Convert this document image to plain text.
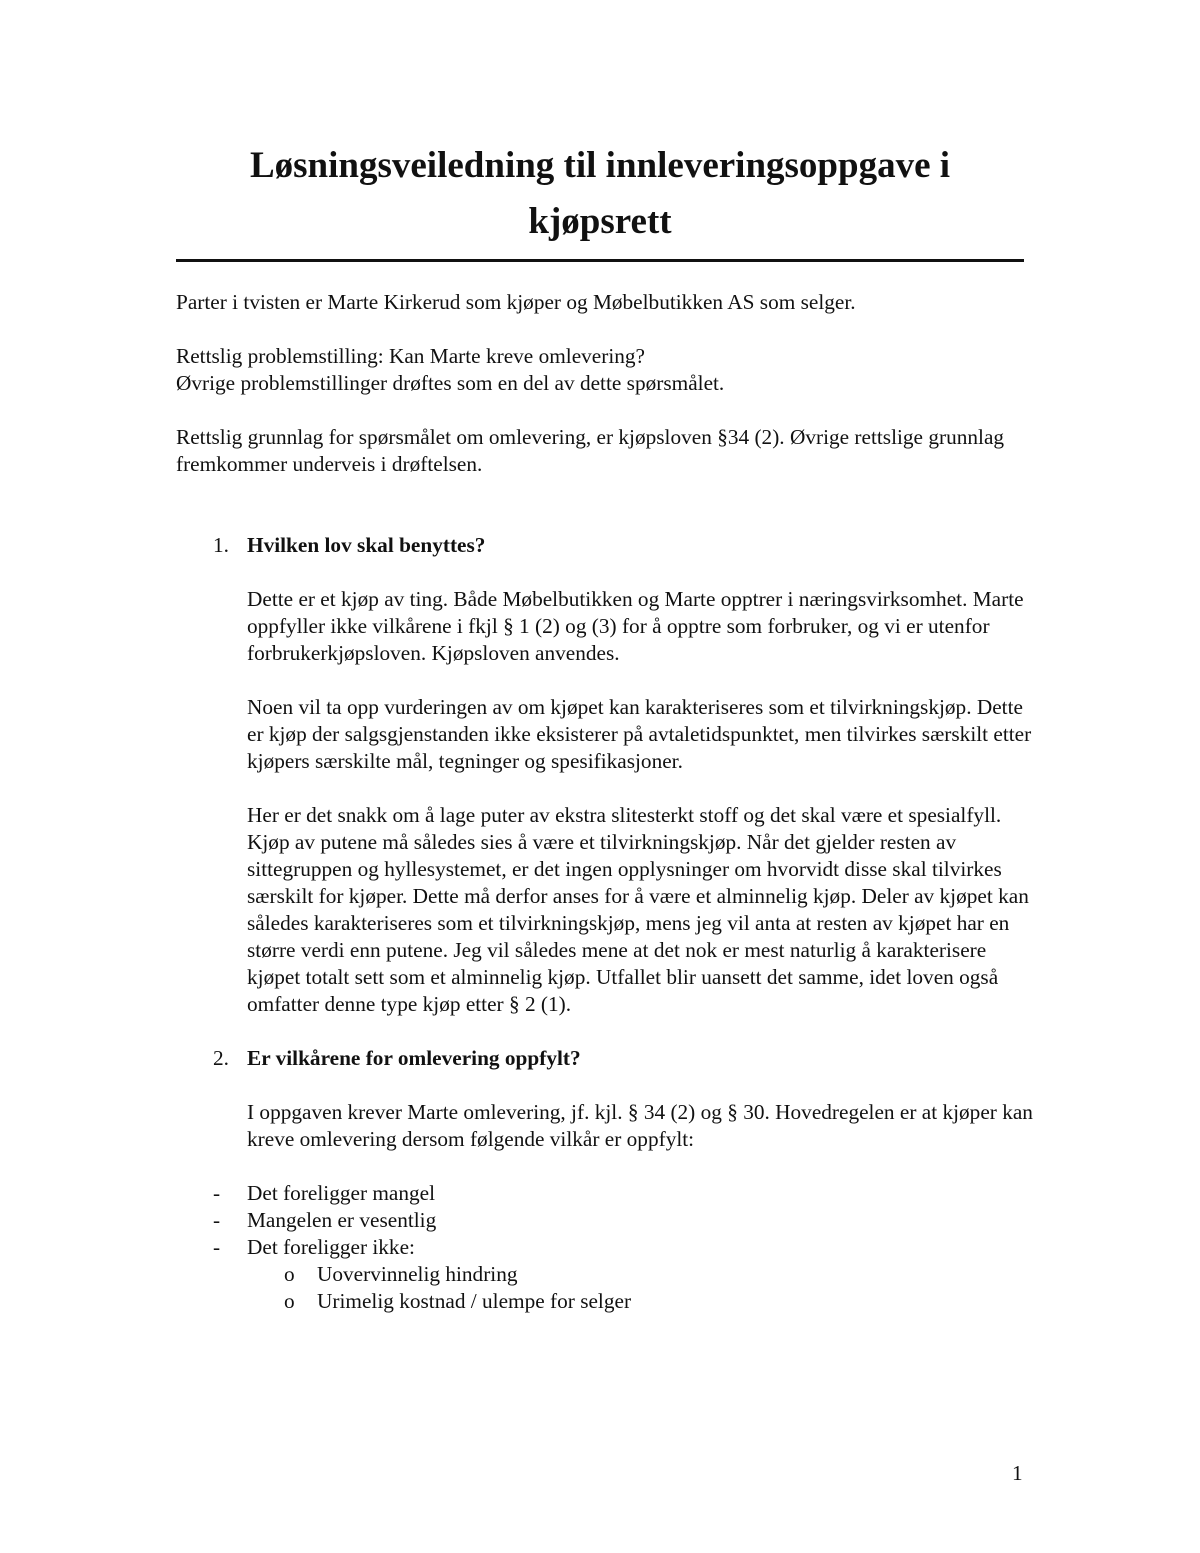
Løsningsveiledning til innleveringsoppgave i kjøpsrett

Parter i tvisten er Marte Kirkerud som kjøper og Møbelbutikken AS som selger.

Rettslig problemstilling: Kan Marte kreve omlevering?

Øvrige problemstillinger drøftes som en del av dette spørsmålet.

Rettslig grunnlag for spørsmålet om omlevering, er kjøpsloven §34 (2). Øvrige rettslige grunnlag fremkommer underveis i drøftelsen.

1. Hvilken lov skal benyttes?

Dette er et kjøp av ting. Både Møbelbutikken og Marte opptrer i næringsvirksomhet. Marte oppfyller ikke vilkårene i fkjl § 1 (2) og (3) for å opptre som forbruker, og vi er utenfor forbrukerkjøpsloven. Kjøpsloven anvendes.

Noen vil ta opp vurderingen av om kjøpet kan karakteriseres som et tilvirkningskjøp. Dette er kjøp der salgsgjenstanden ikke eksisterer på avtaletidspunktet, men tilvirkes særskilt etter kjøpers særskilte mål, tegninger og spesifikasjoner.

Her er det snakk om å lage puter av ekstra slitesterkt stoff og det skal være et spesialfyll. Kjøp av putene må således sies å være et tilvirkningskjøp. Når det gjelder resten av sittegruppen og hyllesystemet, er det ingen opplysninger om hvorvidt disse skal tilvirkes særskilt for kjøper. Dette må derfor anses for å være et alminnelig kjøp. Deler av kjøpet kan således karakteriseres som et tilvirkningskjøp, mens jeg vil anta at resten av kjøpet har en større verdi enn putene. Jeg vil således mene at det nok er mest naturlig å karakterisere kjøpet totalt sett som et alminnelig kjøp. Utfallet blir uansett det samme, idet loven også omfatter denne type kjøp etter § 2 (1).

2. Er vilkårene for omlevering oppfylt?

I oppgaven krever Marte omlevering, jf. kjl. § 34 (2) og § 30. Hovedregelen er at kjøper kan kreve omlevering dersom følgende vilkår er oppfylt:

- Det foreligger mangel
- Mangelen er vesentlig
- Det foreligger ikke:
o Uovervinnelig hindring
o Urimelig kostnad / ulempe for selger
1
